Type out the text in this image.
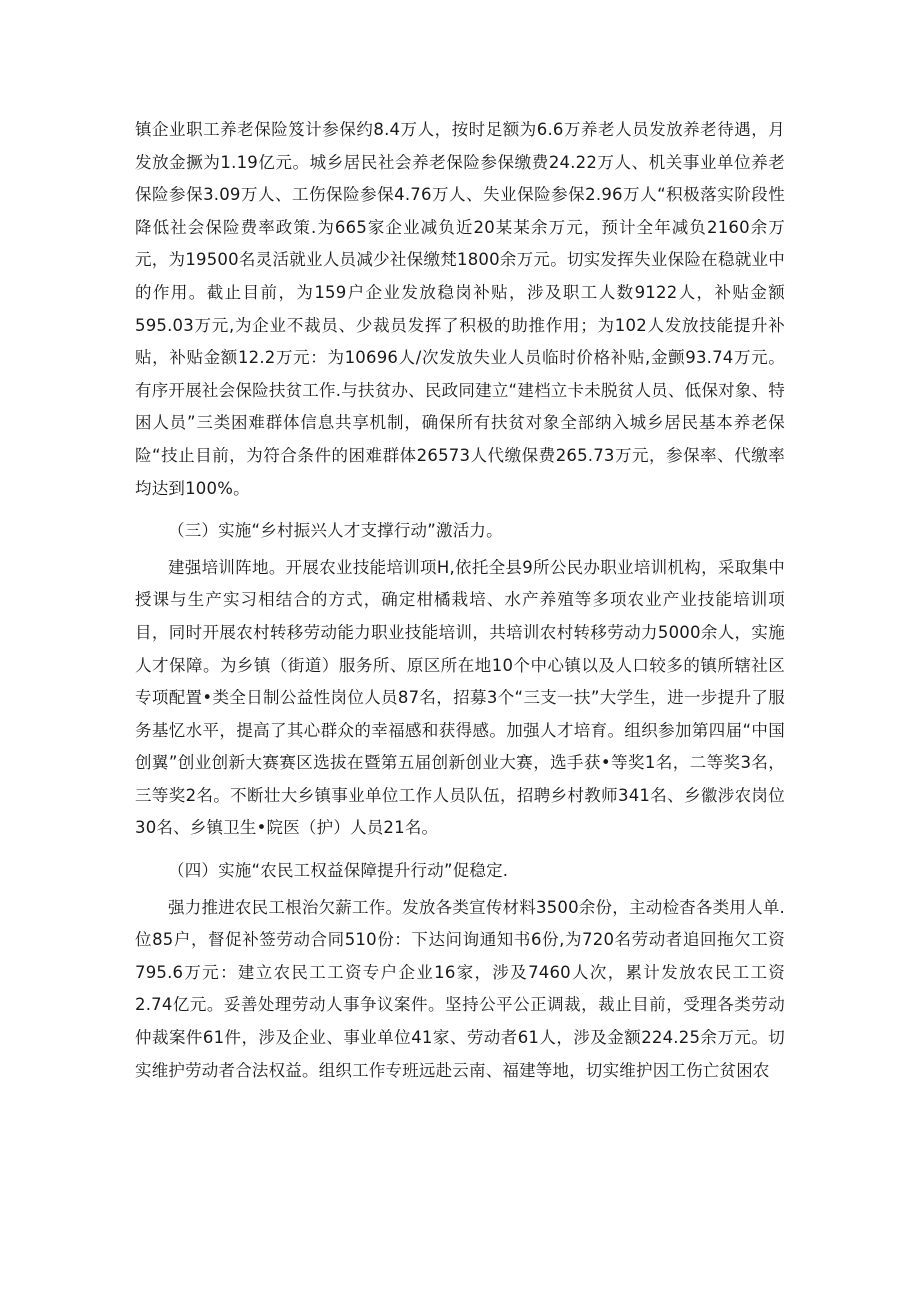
镇企业职工养老保险笈计参保约8.4万人，按时足额为6.6万养老人员发放养老待遇，月发放金撅为1.19亿元。城乡居民社会养老保险参保缴费24.22万人、机关事业单位养老保险参保3.09万人、工伤保险参保4.76万人、失业保险参保2.96万人“积极落实阶段性降低社会保险费率政策.为665家企业减负近20某某余万元，预计全年减负2160余万元，为19500名灵活就业人员减少社保缴梵1800余万元。切实发挥失业保险在稳就业中的作用。截止目前，为159户企业发放稳岗补贴，涉及职工人数9122人，补贴金额595.03万元,为企业不裁员、少裁员发挥了积极的助推作用；为102人发放技能提升补贴，补贴金额12.2万元：为10696人/次发放失业人员临时价格补贴,金颤93.74万元。有序开展社会保险扶贫工作.与扶贫办、民政同建立“建档立卡未脱贫人员、低保对象、特困人员”三类困难群体信息共享机制，确保所有扶贫对象全部纳入城乡居民基本养老保险“技止目前，为符合条件的困难群体26573人代缴保费265.73万元，参保率、代缴率均达到100%。

（三）实施“乡村振兴人才支撑行动”激活力。

建强培训阵地。开展农业技能培训项H,依托全县9所公民办职业培训机构，采取集中授课与生产实习相结合的方式，确定柑橘栽培、水产养殖等多项农业产业技能培训项目，同时开展农村转移劳动能力职业技能培训，共培训农村转移劳动力5000余人，实施人才保障。为乡镇（街道）服务所、原区所在地10个中心镇以及人口较多的镇所辖社区专项配置•类全日制公益性岗位人员87名，招募3个“三支一扶”大学生，进一步提升了服务基忆水平，提高了其心群众的幸福感和获得感。加强人才培育。组织参加第四届“中国创翼”创业创新大赛赛区选拔在暨第五届创新创业大赛，选手获•等奖1名，二等奖3名，三等奖2名。不断壮大乡镇事业单位工作人员队伍，招聘乡村教师341名、乡徽涉农岗位30名、乡镇卫生•院医（护）人员21名。

（四）实施“农民工权益保障提升行动”促稳定.

强力推进农民工根治欠薪工作。发放各类宣传材料3500余份，主动检杳各类用人单.位85户，督促补签劳动合同510份：下达问询通知书6份,为720名劳动者追回拖欠工资795.6万元：建立农民工工资专户企业16家，涉及7460人次，累计发放农民工工资2.74亿元。妥善处理劳动人事争议案件。坚持公平公正调裁，裁止目前，受理各类劳动仲裁案件61件，涉及企业、事业单位41家、劳动者61人，涉及金额224.25余万元。切实维护劳动者合法权益。组织工作专班远赴云南、福建等地，切实维护因工伤亡贫困农
